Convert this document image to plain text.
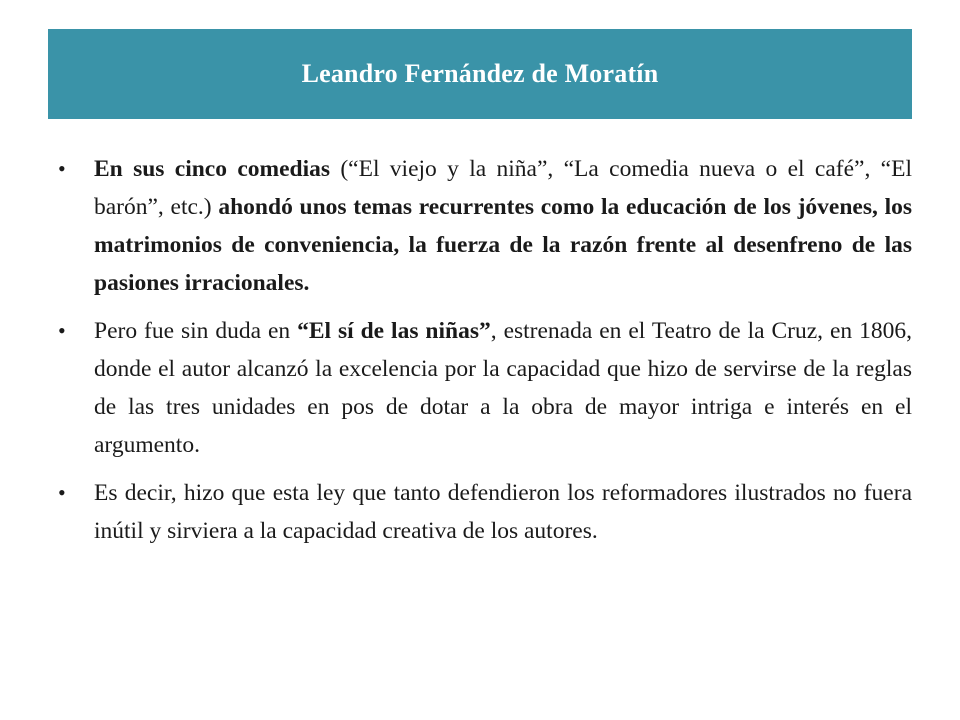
Leandro Fernández de Moratín
• En sus cinco comedias (“El viejo y la niña”, “La comedia nueva o el café”, “El barón”, etc.) ahondó unos temas recurrentes como la educación de los jóvenes, los matrimonios de conveniencia, la fuerza de la razón frente al desenfreno de las pasiones irracionales.
• Pero fue sin duda en “El sí de las niñas”, estrenada en el Teatro de la Cruz, en 1806, donde el autor alcanzó la excelencia por la capacidad que hizo de servirse de la reglas de las tres unidades en pos de dotar a la obra de mayor intriga e interés en el argumento.
• Es decir, hizo que esta ley que tanto defendieron los reformadores ilustrados no fuera inútil y sirviera a la capacidad creativa de los autores.
